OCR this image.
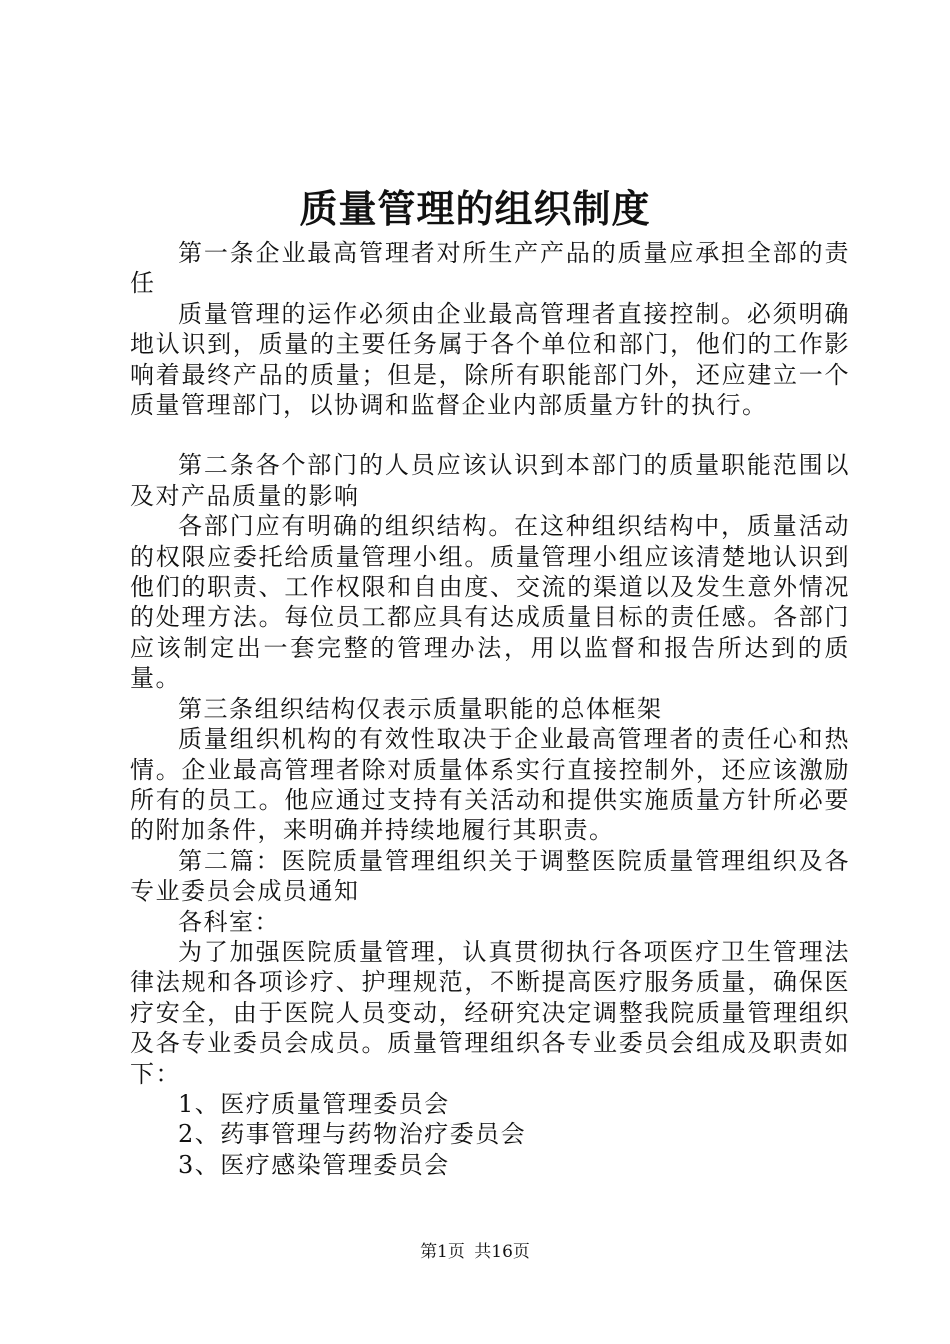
质量管理的组织制度

第一条企业最高管理者对所生产产品的质量应承担全部的责任

质量管理的运作必须由企业最高管理者直接控制。必须明确地认识到，质量的主要任务属于各个单位和部门，他们的工作影响着最终产品的质量；但是，除所有职能部门外，还应建立一个质量管理部门，以协调和监督企业内部质量方针的执行。

第二条各个部门的人员应该认识到本部门的质量职能范围以及对产品质量的影响

各部门应有明确的组织结构。在这种组织结构中，质量活动的权限应委托给质量管理小组。质量管理小组应该清楚地认识到他们的职责、工作权限和自由度、交流的渠道以及发生意外情况的处理方法。每位员工都应具有达成质量目标的责任感。各部门应该制定出一套完整的管理办法，用以监督和报告所达到的质量。

第三条组织结构仅表示质量职能的总体框架

质量组织机构的有效性取决于企业最高管理者的责任心和热情。企业最高管理者除对质量体系实行直接控制外，还应该激励所有的员工。他应通过支持有关活动和提供实施质量方针所必要的附加条件，来明确并持续地履行其职责。

第二篇：医院质量管理组织关于调整医院质量管理组织及各专业委员会成员通知

各科室：

为了加强医院质量管理，认真贯彻执行各项医疗卫生管理法律法规和各项诊疗、护理规范，不断提高医疗服务质量，确保医疗安全，由于医院人员变动，经研究决定调整我院质量管理组织及各专业委员会成员。质量管理组织各专业委员会组成及职责如下：

1、医疗质量管理委员会

2、药事管理与药物治疗委员会

3、医疗感染管理委员会

第1页 共16页
